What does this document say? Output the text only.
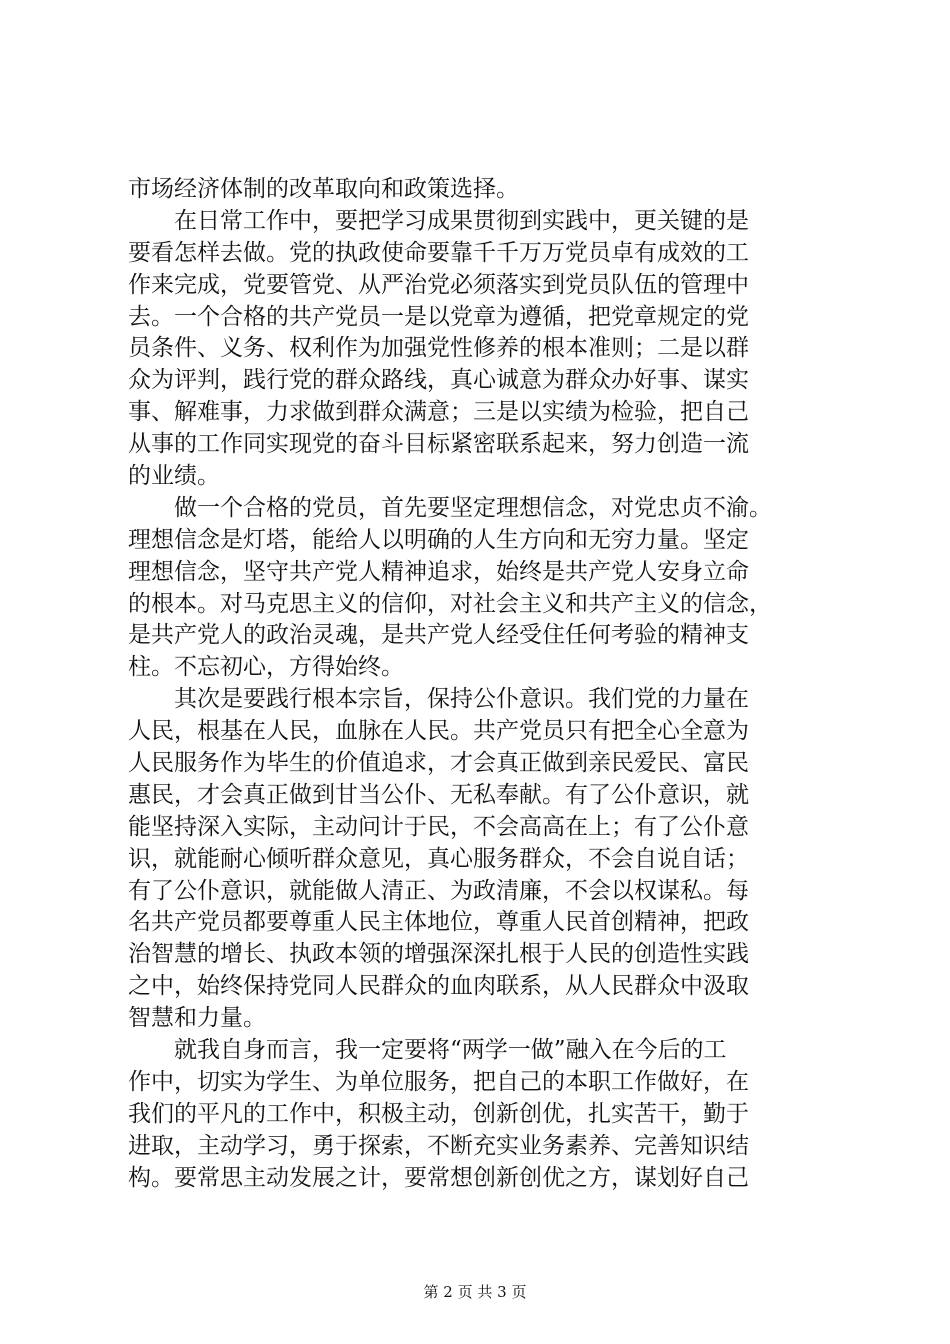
市场经济体制的改革取向和政策选择。
　　在日常工作中，要把学习成果贯彻到实践中，更关键的是
要看怎样去做。党的执政使命要靠千千万万党员卓有成效的工
作来完成，党要管党、从严治党必须落实到党员队伍的管理中
去。一个合格的共产党员一是以党章为遵循，把党章规定的党
员条件、义务、权利作为加强党性修养的根本准则；二是以群
众为评判，践行党的群众路线，真心诚意为群众办好事、谋实
事、解难事，力求做到群众满意；三是以实绩为检验，把自己
从事的工作同实现党的奋斗目标紧密联系起来，努力创造一流
的业绩。
　　做一个合格的党员，首先要坚定理想信念，对党忠贞不渝。
理想信念是灯塔，能给人以明确的人生方向和无穷力量。坚定
理想信念，坚守共产党人精神追求，始终是共产党人安身立命
的根本。对马克思主义的信仰，对社会主义和共产主义的信念，
是共产党人的政治灵魂，是共产党人经受住任何考验的精神支
柱。不忘初心，方得始终。
　　其次是要践行根本宗旨，保持公仆意识。我们党的力量在
人民，根基在人民，血脉在人民。共产党员只有把全心全意为
人民服务作为毕生的价值追求，才会真正做到亲民爱民、富民
惠民，才会真正做到甘当公仆、无私奉献。有了公仆意识，就
能坚持深入实际，主动问计于民，不会高高在上；有了公仆意
识，就能耐心倾听群众意见，真心服务群众，不会自说自话；
有了公仆意识，就能做人清正、为政清廉，不会以权谋私。每
名共产党员都要尊重人民主体地位，尊重人民首创精神，把政
治智慧的增长、执政本领的增强深深扎根于人民的创造性实践
之中，始终保持党同人民群众的血肉联系，从人民群众中汲取
智慧和力量。
　　就我自身而言，我一定要将“两学一做”融入在今后的工
作中，切实为学生、为单位服务，把自己的本职工作做好，在
我们的平凡的工作中，积极主动，创新创优，扎实苦干，勤于
进取，主动学习，勇于探索，不断充实业务素养、完善知识结
构。要常思主动发展之计，要常想创新创优之方，谋划好自己
第 2 页 共 3 页
